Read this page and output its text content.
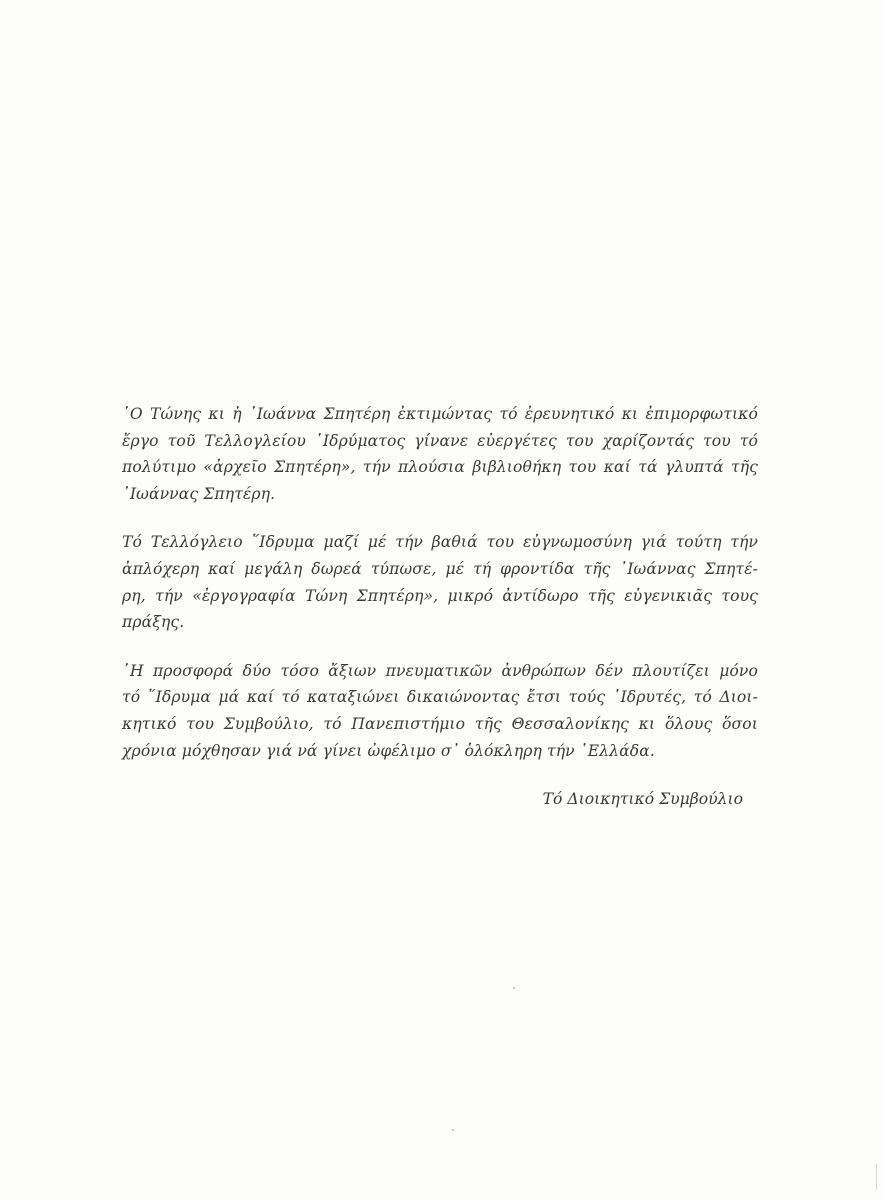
῾Ο Τώνης κι ἡ ᾽Ιωάννα Σπητέρη ἐκτιμώντας τό ἐρευνητικό κι ἐπιμορφωτικό
ἔργο τοῦ Τελλογλείου ῾Ιδρύματος γίνανε εὐεργέτες του χαρίζοντάς του τό
πολύτιμο «ἀρχεῖο Σπητέρη», τήν πλούσια βιβλιοθήκη του καί τά γλυπτά τῆς
᾽Ιωάννας Σπητέρη.

Τό Τελλόγλειο ῞Ιδρυμα μαζί μέ τήν βαθιά του εὐγνωμοσύνη γιά τούτη τήν
ἀπλόχερη καί μεγάλη δωρεά τύπωσε, μέ τή φροντίδα τῆς ᾽Ιωάννας Σπητέ-
ρη, τήν «ἐργογραφία Τώνη Σπητέρη», μικρό ἀντίδωρο τῆς εὐγενικιᾶς τους
πράξης.

῾Η προσφορά δύο τόσο ἄξιων πνευματικῶν ἀνθρώπων δέν πλουτίζει μόνο
τό ῞Ιδρυμα μά καί τό καταξιώνει δικαιώνοντας ἔτσι τούς ῾Ιδρυτές, τό Διοι-
κητικό του Συμβούλιο, τό Πανεπιστήμιο τῆς Θεσσαλονίκης κι ὅλους ὅσοι
χρόνια μόχθησαν γιά νά γίνει ὠφέλιμο σ᾽ ὁλόκληρη τήν ῾Ελλάδα.

Τό Διοικητικό Συμβούλιο
